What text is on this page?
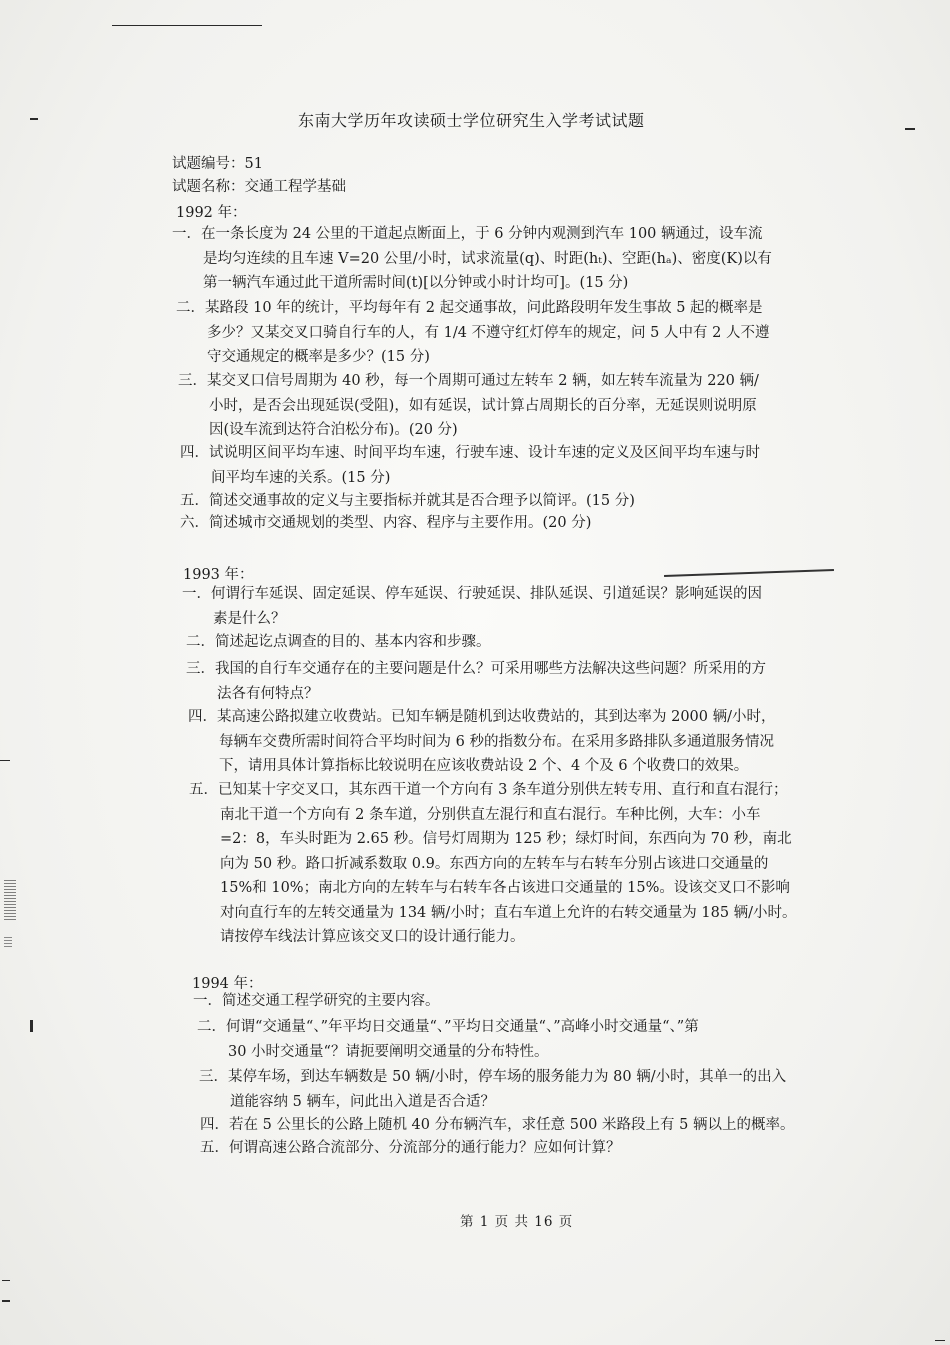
东南大学历年攻读硕士学位研究生入学考试试题
试题编号：51
试题名称：交通工程学基础
1992 年：
一．在一条长度为 24 公里的干道起点断面上，于 6 分钟内观测到汽车 100 辆通过，设车流
是均匀连续的且车速 V=20 公里/小时，试求流量(q)、时距(hₜ)、空距(hₐ)、密度(K)以有
第一辆汽车通过此干道所需时间(t)[以分钟或小时计均可]。(15 分)
二．某路段 10 年的统计，平均每年有 2 起交通事故，问此路段明年发生事故 5 起的概率是
多少？又某交叉口骑自行车的人，有 1/4 不遵守红灯停车的规定，问 5 人中有 2 人不遵
守交通规定的概率是多少？(15 分)
三．某交叉口信号周期为 40 秒，每一个周期可通过左转车 2 辆，如左转车流量为 220 辆/
小时，是否会出现延误(受阻)，如有延误，试计算占周期长的百分率，无延误则说明原
因(设车流到达符合泊松分布)。(20 分)
四．试说明区间平均车速、时间平均车速，行驶车速、设计车速的定义及区间平均车速与时
间平均车速的关系。(15 分)
五．简述交通事故的定义与主要指标并就其是否合理予以简评。(15 分)
六．简述城市交通规划的类型、内容、程序与主要作用。(20 分)
1993 年：
一．何谓行车延误、固定延误、停车延误、行驶延误、排队延误、引道延误？影响延误的因
素是什么？
二．简述起讫点调查的目的、基本内容和步骤。
三．我国的自行车交通存在的主要问题是什么？可采用哪些方法解决这些问题？所采用的方
法各有何特点？
四．某高速公路拟建立收费站。已知车辆是随机到达收费站的，其到达率为 2000 辆/小时，
每辆车交费所需时间符合平均时间为 6 秒的指数分布。在采用多路排队多通道服务情况
下，请用具体计算指标比较说明在应该收费站设 2 个、4 个及 6 个收费口的效果。
五．已知某十字交叉口，其东西干道一个方向有 3 条车道分别供左转专用、直行和直右混行；
南北干道一个方向有 2 条车道，分别供直左混行和直右混行。车种比例，大车：小车
=2：8，车头时距为 2.65 秒。信号灯周期为 125 秒；绿灯时间，东西向为 70 秒，南北
向为 50 秒。路口折减系数取 0.9。东西方向的左转车与右转车分别占该进口交通量的
15%和 10%；南北方向的左转车与右转车各占该进口交通量的 15%。设该交叉口不影响
对向直行车的左转交通量为 134 辆/小时；直右车道上允许的右转交通量为 185 辆/小时。
请按停车线法计算应该交叉口的设计通行能力。
1994 年：
一．简述交通工程学研究的主要内容。
二．何谓“交通量“、”年平均日交通量“、”平均日交通量“、”高峰小时交通量“、”第
30 小时交通量“？请扼要阐明交通量的分布特性。
三．某停车场，到达车辆数是 50 辆/小时，停车场的服务能力为 80 辆/小时，其单一的出入
道能容纳 5 辆车，问此出入道是否合适？
四．若在 5 公里长的公路上随机 40 分布辆汽车，求任意 500 米路段上有 5 辆以上的概率。
五．何谓高速公路合流部分、分流部分的通行能力？应如何计算？
第 1 页 共 16 页
